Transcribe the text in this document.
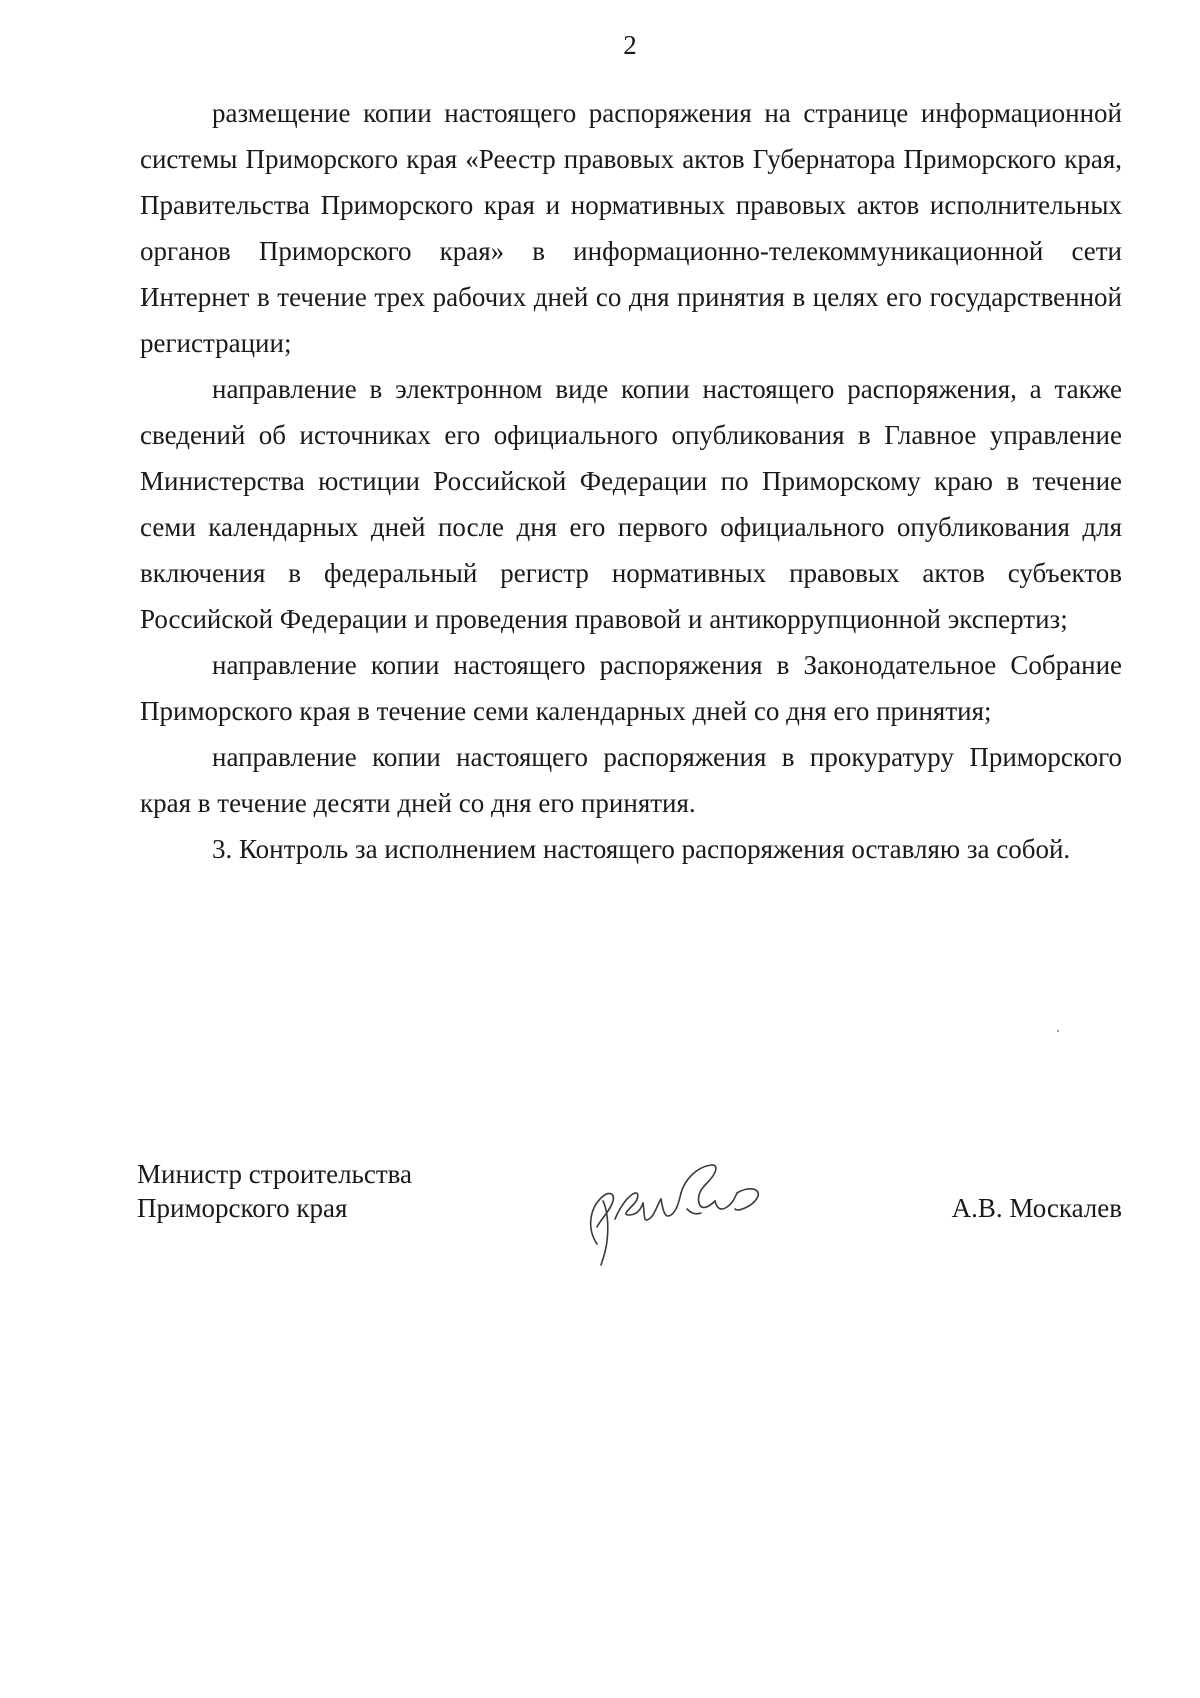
2

размещение копии настоящего распоряжения на странице информационной системы Приморского края «Реестр правовых актов Губернатора Приморского края, Правительства Приморского края и нормативных правовых актов исполнительных органов Приморского края» в информационно-телекоммуникационной сети Интернет в течение трех рабочих дней со дня принятия в целях его государственной регистрации;

направление в электронном виде копии настоящего распоряжения, а также сведений об источниках его официального опубликования в Главное управление Министерства юстиции Российской Федерации по Приморскому краю в течение семи календарных дней после дня его первого официального опубликования для включения в федеральный регистр нормативных правовых актов субъектов Российской Федерации и проведения правовой и антикоррупционной экспертиз;

направление копии настоящего распоряжения в Законодательное Собрание Приморского края в течение семи календарных дней со дня его принятия;

направление копии настоящего распоряжения в прокуратуру Приморского края в течение десяти дней со дня его принятия.

3. Контроль за исполнением настоящего распоряжения оставляю за собой.

Министр строительства
Приморского края	А.В. Москалев
